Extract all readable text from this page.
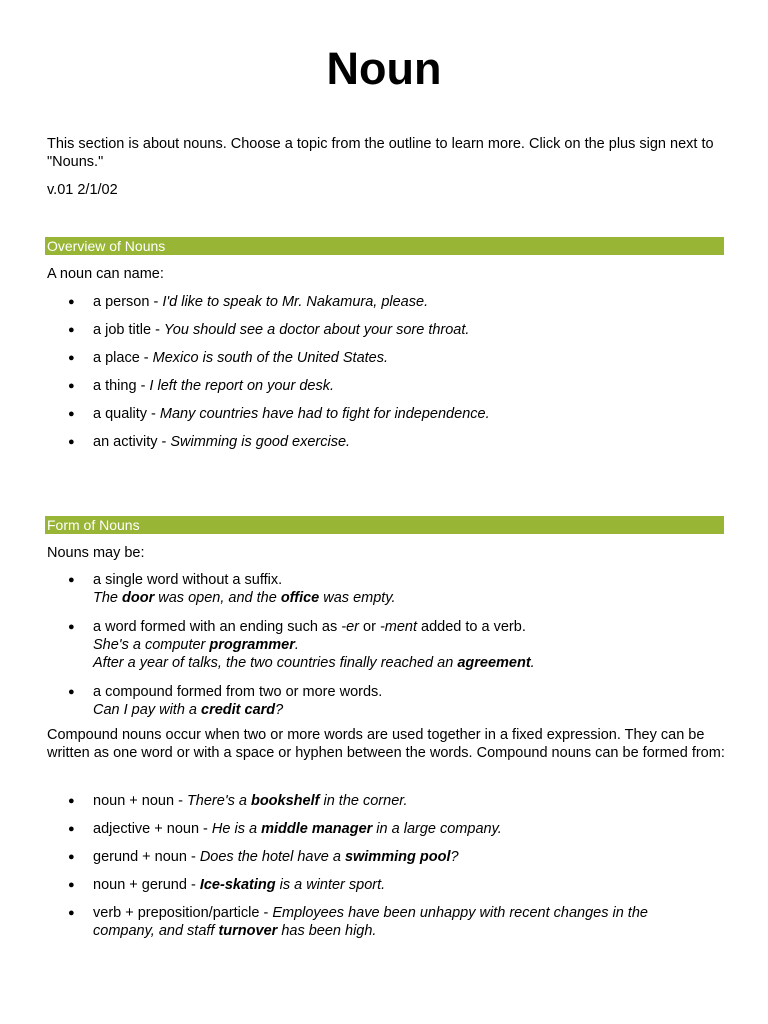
Noun

This section is about nouns. Choose a topic from the outline to learn more. Click on the plus sign next to "Nouns."

v.01 2/1/02

Overview of Nouns

A noun can name:

● a person - I'd like to speak to Mr. Nakamura, please.
● a job title - You should see a doctor about your sore throat.
● a place - Mexico is south of the United States.
● a thing - I left the report on your desk.
● a quality - Many countries have had to fight for independence.
● an activity - Swimming is good exercise.
Form of Nouns

Nouns may be:

● a single word without a suffix.
The door was open, and the office was empty.
● a word formed with an ending such as -er or -ment added to a verb.
She's a computer programmer.
After a year of talks, the two countries finally reached an agreement.
● a compound formed from two or more words.
Can I pay with a credit card?

Compound nouns occur when two or more words are used together in a fixed expression. They can be written as one word or with a space or hyphen between the words. Compound nouns can be formed from:

● noun + noun - There's a bookshelf in the corner.
● adjective + noun - He is a middle manager in a large company.
● gerund + noun - Does the hotel have a swimming pool?
● noun + gerund - Ice-skating is a winter sport.
● verb + preposition/particle - Employees have been unhappy with recent changes in the company, and staff turnover has been high.
